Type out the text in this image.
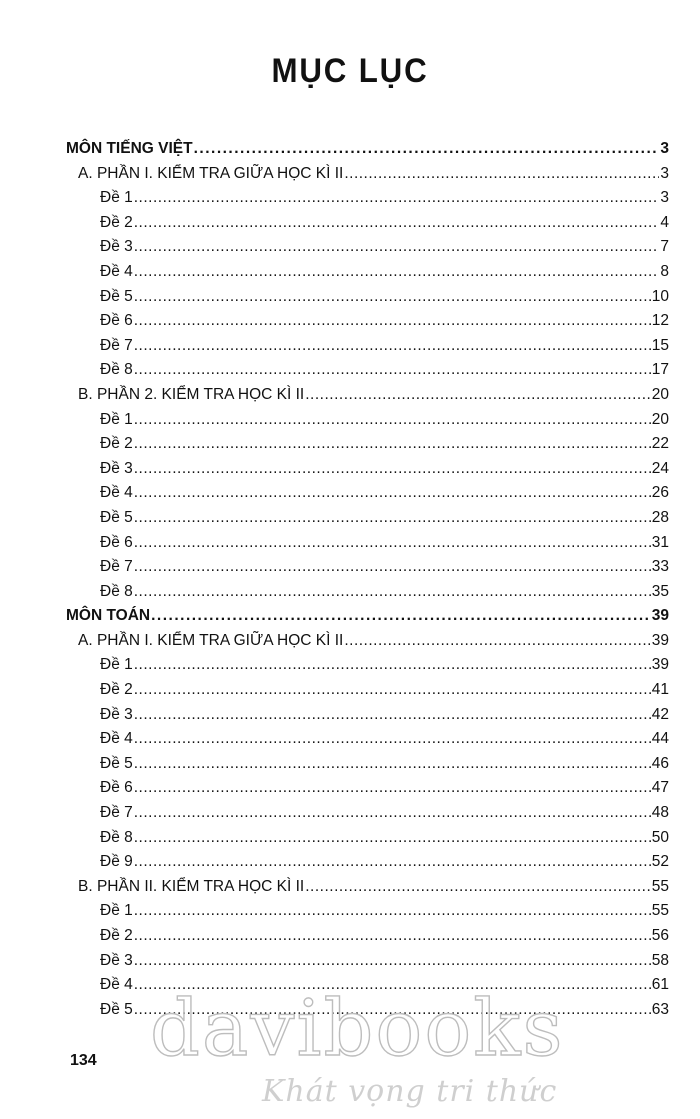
MỤC LỤC
MÔN TIẾNG VIỆT .....	3
A. PHẦN I. KIỂM TRA GIỮA HỌC KÌ II .....	3
Đề 1 .....	3
Đề 2 .....	4
Đề 3 .....	7
Đề 4 .....	8
Đề 5 .....	10
Đề 6 .....	12
Đề 7 .....	15
Đề 8 .....	17
B. PHẦN 2. KIỂM TRA HỌC KÌ II .....	20
Đề 1 .....	20
Đề 2 .....	22
Đề 3 .....	24
Đề 4 .....	26
Đề 5 .....	28
Đề 6 .....	31
Đề 7 .....	33
Đề 8 .....	35
MÔN TOÁN .....	39
A. PHẦN I. KIỂM TRA GIỮA HỌC KÌ II .....	39
Đề 1 .....	39
Đề 2 .....	41
Đề 3 .....	42
Đề 4 .....	44
Đề 5 .....	46
Đề 6 .....	47
Đề 7 .....	48
Đề 8 .....	50
Đề 9 .....	52
B. PHẦN II. KIỂM TRA HỌC KÌ II .....	55
Đề 1 .....	55
Đề 2 .....	56
Đề 3 .....	58
Đề 4 .....	61
Đề 5 .....	63
davibooks
Khát vọng tri thức
134
